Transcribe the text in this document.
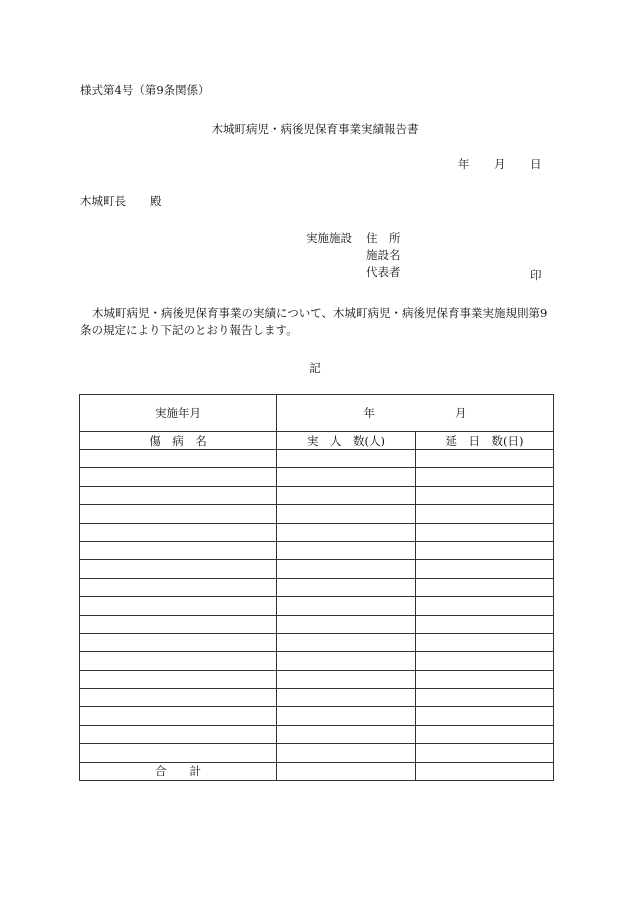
様式第4号（第9条関係）
木城町病児・病後児保育事業実績報告書
年 月 日
木城町長 殿
実施施設	住　所
施設名
代表者	印
木城町病児・病後児保育事業の実績について、木城町病児・病後児保育事業実施規則第9条の規定により下記のとおり報告します。
記
実施年月	年 月	
傷　病　名	実　人　数(人)	延　日　数(日)

合　　計		
